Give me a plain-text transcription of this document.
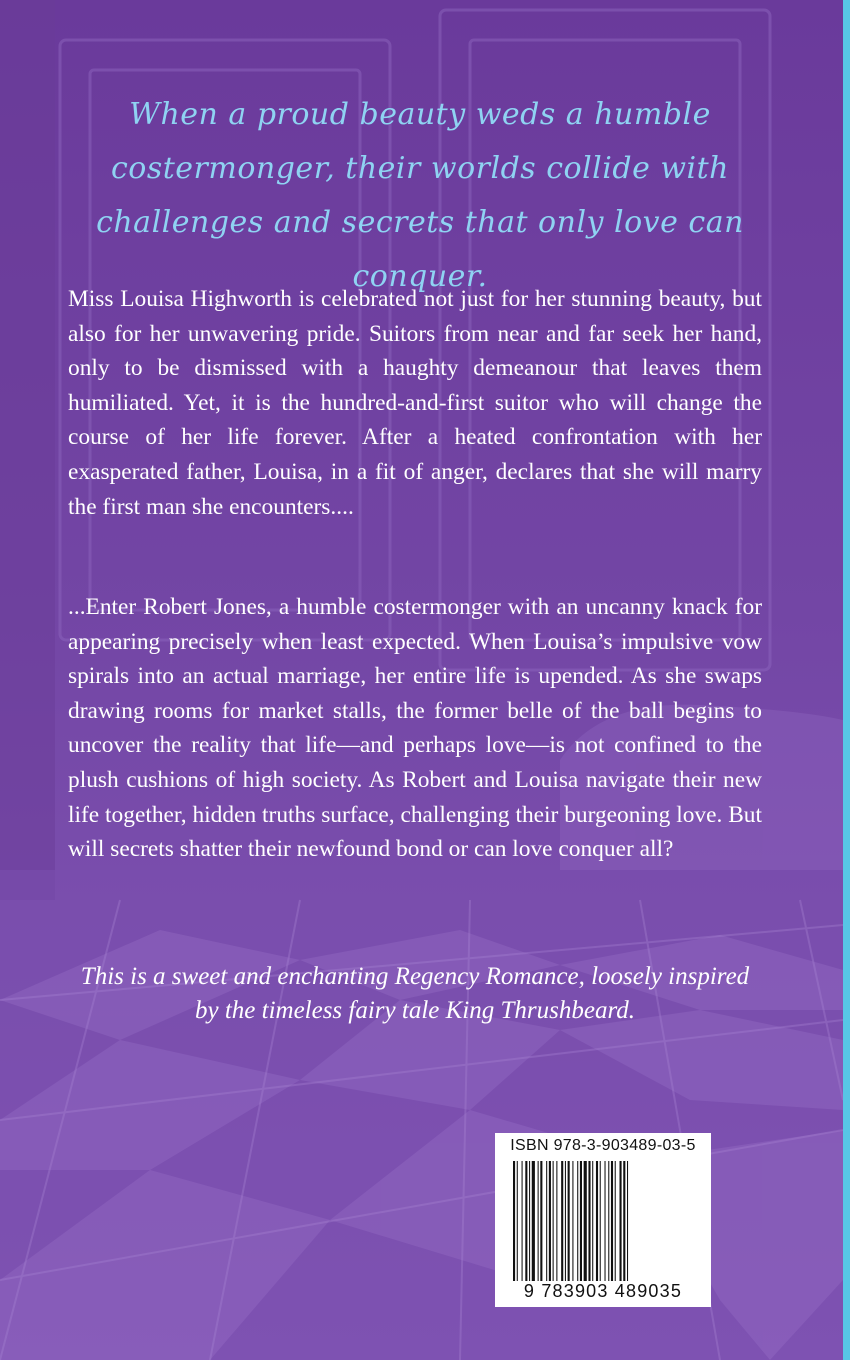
When a proud beauty weds a humble costermonger, their worlds collide with challenges and secrets that only love can conquer.

Miss Louisa Highworth is celebrated not just for her stunning beauty, but also for her unwavering pride. Suitors from near and far seek her hand, only to be dismissed with a haughty demeanour that leaves them humiliated. Yet, it is the hundred-and-first suitor who will change the course of her life forever. After a heated confrontation with her exasperated father, Louisa, in a fit of anger, declares that she will marry the first man she encounters....

...Enter Robert Jones, a humble costermonger with an uncanny knack for appearing precisely when least expected. When Louisa’s impulsive vow spirals into an actual marriage, her entire life is upended. As she swaps drawing rooms for market stalls, the former belle of the ball begins to uncover the reality that life—and perhaps love—is not confined to the plush cushions of high society. As Robert and Louisa navigate their new life together, hidden truths surface, challenging their burgeoning love. But will secrets shatter their newfound bond or can love conquer all?

This is a sweet and enchanting Regency Romance, loosely inspired by the timeless fairy tale King Thrushbeard.

ISBN 978-3-903489-03-5
9 783903 489035
